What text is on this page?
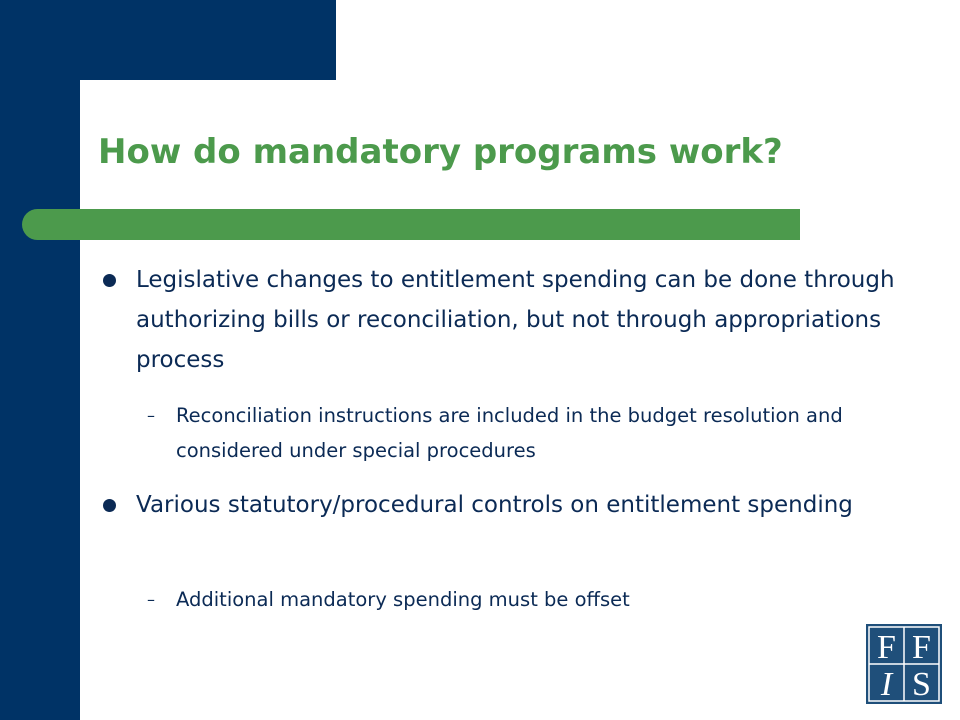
How do mandatory programs work?
Legislative changes to entitlement spending can be done through authorizing bills or reconciliation, but not through appropriations process
– Reconciliation instructions are included in the budget resolution and considered under special procedures
Various statutory/procedural controls on entitlement spending
– Additional mandatory spending must be offset
F F
I S
